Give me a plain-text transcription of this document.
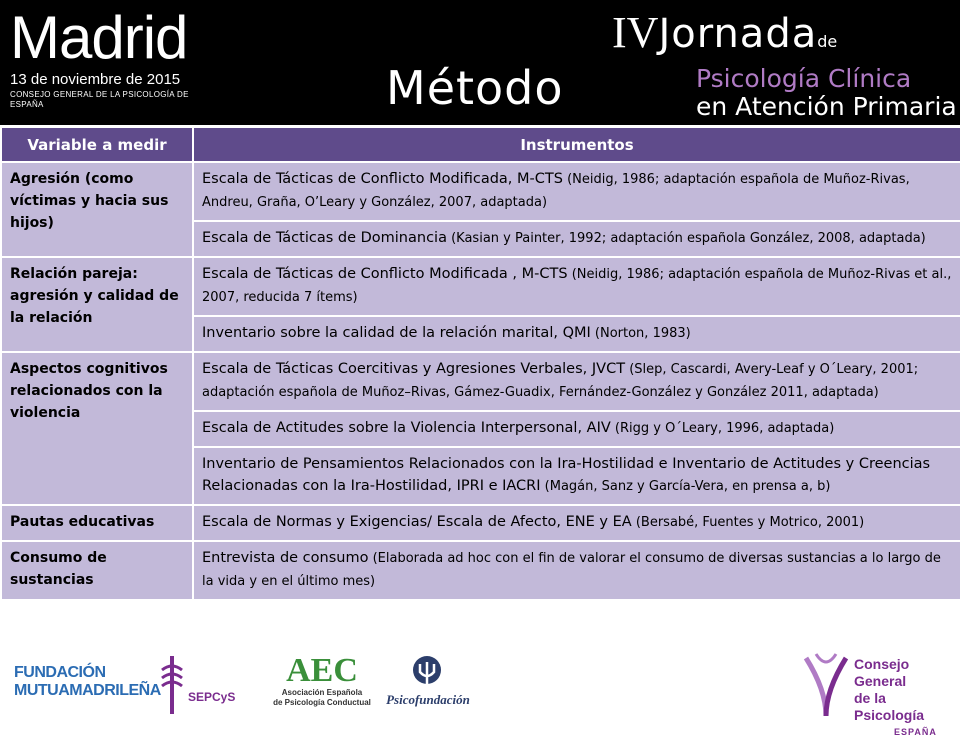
Madrid
13 de noviembre de 2015
CONSEJO GENERAL DE LA PSICOLOGÍA DE ESPAÑA	Método
IVJornadade
Psicología Clínica
en Atención Primaria
Variable a medir	Instrumentos
Agresión (como víctimas y hacia sus hijos)	Escala de Tácticas de Conflicto Modificada, M-CTS (Neidig, 1986; adaptación española de Muñoz-Rivas, Andreu, Graña, O’Leary y González, 2007, adaptada)
	Escala de Tácticas de Dominancia (Kasian y Painter, 1992; adaptación española González, 2008, adaptada)
Relación pareja: agresión y calidad de la relación	Escala de Tácticas de Conflicto Modificada , M-CTS (Neidig, 1986; adaptación española de Muñoz-Rivas et al., 2007, reducida 7 ítems)
	Inventario sobre la calidad de la relación marital, QMI (Norton, 1983)
Aspectos cognitivos relacionados con la violencia	Escala de Tácticas Coercitivas y Agresiones Verbales, JVCT (Slep, Cascardi, Avery-Leaf y O´Leary, 2001; adaptación española de Muñoz–Rivas, Gámez-Guadix, Fernández-González y González 2011, adaptada)
	Escala de Actitudes sobre la Violencia Interpersonal, AIV (Rigg y O´Leary, 1996, adaptada)
	Inventario de Pensamientos Relacionados con la Ira-Hostilidad e Inventario de Actitudes y Creencias Relacionadas con la Ira-Hostilidad, IPRI e IACRI (Magán, Sanz y García-Vera, en prensa a, b)
Pautas educativas	Escala de Normas y Exigencias/ Escala de Afecto, ENE y EA (Bersabé, Fuentes y Motrico, 2001)
Consumo de sustancias	Entrevista de consumo (Elaborada ad hoc con el fin de valorar el consumo de diversas sustancias a lo largo de la vida y en el último mes)
FUNDACIÓN
MUTUAMADRILEÑA SEPCyS
AEC
Asociación Española
de Psicología Conductual	Psicofundación
Consejo General
de la Psicología
ESPAÑA
